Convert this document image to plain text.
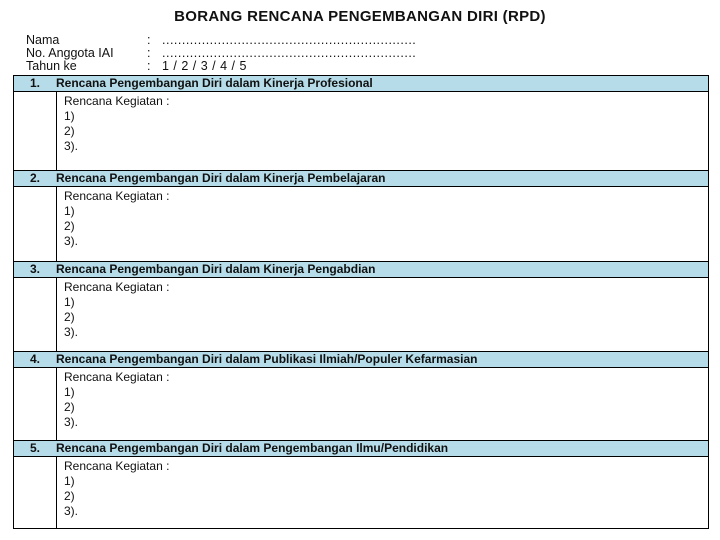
BORANG RENCANA PENGEMBANGAN DIRI (RPD)
Nama	: ................................................................
No. Anggota IAI	: ................................................................
Tahun ke	: 1 / 2 / 3 / 4 / 5
1. Rencana Pengembangan Diri dalam Kinerja Profesional
Rencana Kegiatan :
1)
2)
3).
2. Rencana Pengembangan Diri dalam Kinerja Pembelajaran
Rencana Kegiatan :
1)
2)
3).
3. Rencana Pengembangan Diri dalam Kinerja Pengabdian
Rencana Kegiatan :
1)
2)
3).
4. Rencana Pengembangan Diri dalam Publikasi Ilmiah/Populer Kefarmasian
Rencana Kegiatan :
1)
2)
3).
5. Rencana Pengembangan Diri dalam Pengembangan Ilmu/Pendidikan
Rencana Kegiatan :
1)
2)
3).
